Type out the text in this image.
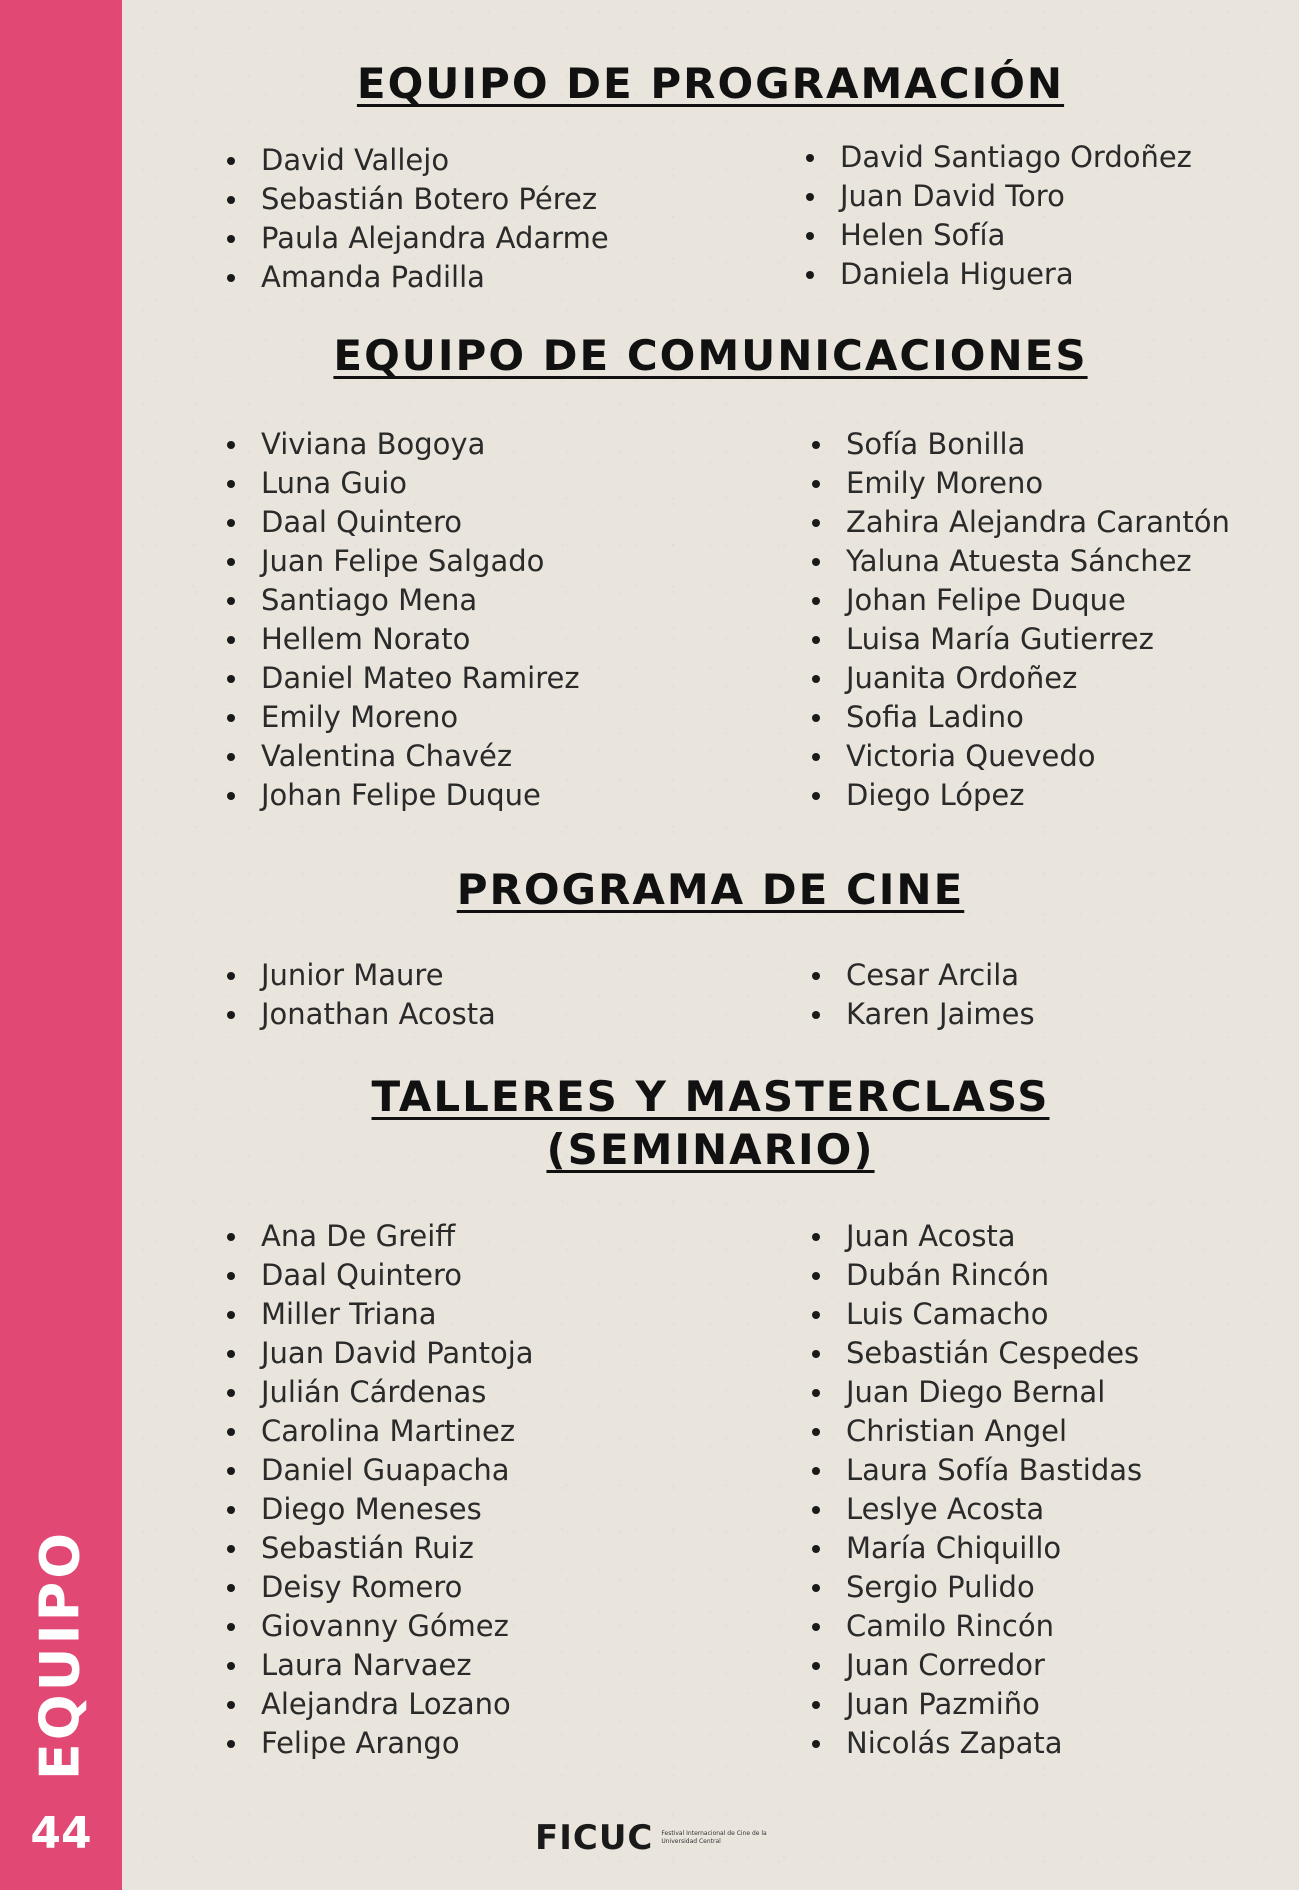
EQUIPO
44
EQUIPO DE PROGRAMACIÓN
David Vallejo
Sebastián Botero Pérez
Paula Alejandra Adarme
Amanda Padilla
David Santiago Ordoñez
Juan David Toro
Helen Sofía
Daniela Higuera
EQUIPO DE COMUNICACIONES
Viviana Bogoya
Luna Guio
Daal Quintero
Juan Felipe Salgado
Santiago Mena
Hellem Norato
Daniel Mateo Ramirez
Emily Moreno
Valentina Chavéz
Johan Felipe Duque
Sofía Bonilla
Emily Moreno
Zahira Alejandra Carantón
Yaluna Atuesta Sánchez
Johan Felipe Duque
Luisa María Gutierrez
Juanita Ordoñez
Sofia Ladino
Victoria Quevedo
Diego López
PROGRAMA DE CINE
Junior Maure
Jonathan Acosta
Cesar Arcila
Karen Jaimes
TALLERES Y MASTERCLASS
(SEMINARIO)
Ana De Greiff
Daal Quintero
Miller Triana
Juan David Pantoja
Julián Cárdenas
Carolina Martinez
Daniel Guapacha
Diego Meneses
Sebastián Ruiz
Deisy Romero
Giovanny Gómez
Laura Narvaez
Alejandra Lozano
Felipe Arango
Juan Acosta
Dubán Rincón
Luis Camacho
Sebastián Cespedes
Juan Diego Bernal
Christian Angel
Laura Sofía Bastidas
Leslye Acosta
María Chiquillo
Sergio Pulido
Camilo Rincón
Juan Corredor
Juan Pazmiño
Nicolás Zapata
FICUC Festival Internacional de Cine de la Universidad Central
